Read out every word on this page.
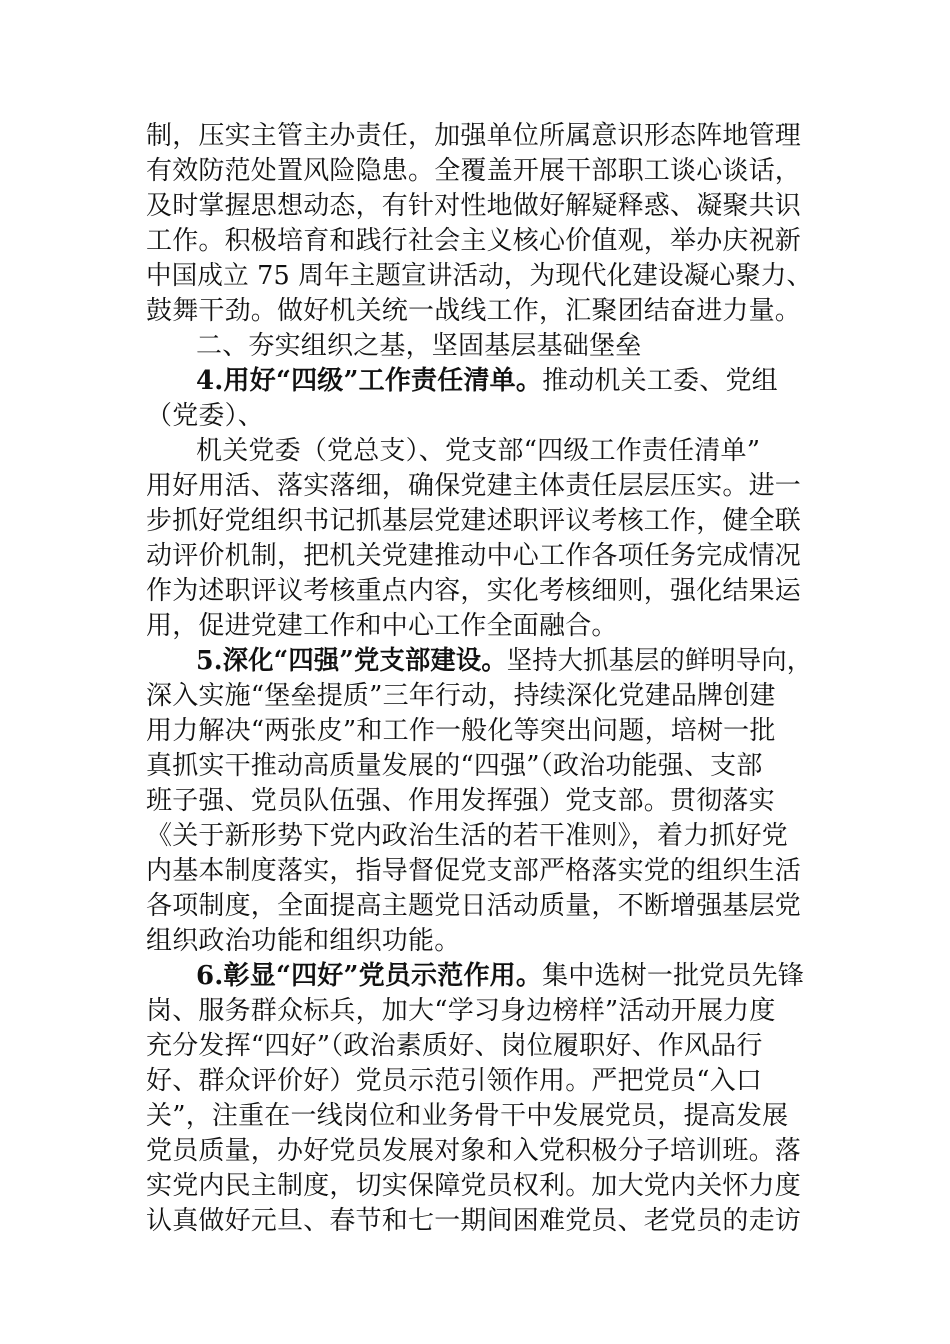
制，压实主管主办责任，加强单位所属意识形态阵地管理
有效防范处置风险隐患。全覆盖开展干部职工谈心谈话，
及时掌握思想动态，有针对性地做好解疑释惑、凝聚共识
工作。积极培育和践行社会主义核心价值观，举办庆祝新
中国成立 75 周年主题宣讲活动，为现代化建设凝心聚力、
鼓舞干劲。做好机关统一战线工作，汇聚团结奋进力量。
二、夯实组织之基，坚固基层基础堡垒
4.用好“四级”工作责任清单。推动机关工委、党组
（党委）、
机关党委（党总支）、党支部“四级工作责任清单”
用好用活、落实落细，确保党建主体责任层层压实。进一
步抓好党组织书记抓基层党建述职评议考核工作，健全联
动评价机制，把机关党建推动中心工作各项任务完成情况
作为述职评议考核重点内容，实化考核细则，强化结果运
用，促进党建工作和中心工作全面融合。
5.深化“四强”党支部建设。坚持大抓基层的鲜明导向，
深入实施“堡垒提质”三年行动，持续深化党建品牌创建
用力解决“两张皮”和工作一般化等突出问题，培树一批
真抓实干推动高质量发展的“四强”（政治功能强、支部
班子强、党员队伍强、作用发挥强）党支部。贯彻落实
《关于新形势下党内政治生活的若干准则》，着力抓好党
内基本制度落实，指导督促党支部严格落实党的组织生活
各项制度，全面提高主题党日活动质量，不断增强基层党
组织政治功能和组织功能。
6.彰显“四好”党员示范作用。集中选树一批党员先锋
岗、服务群众标兵，加大“学习身边榜样”活动开展力度
充分发挥“四好”（政治素质好、岗位履职好、作风品行
好、群众评价好）党员示范引领作用。严把党员“入口
关”，注重在一线岗位和业务骨干中发展党员，提高发展
党员质量，办好党员发展对象和入党积极分子培训班。落
实党内民主制度，切实保障党员权利。加大党内关怀力度
认真做好元旦、春节和七一期间困难党员、老党员的走访
